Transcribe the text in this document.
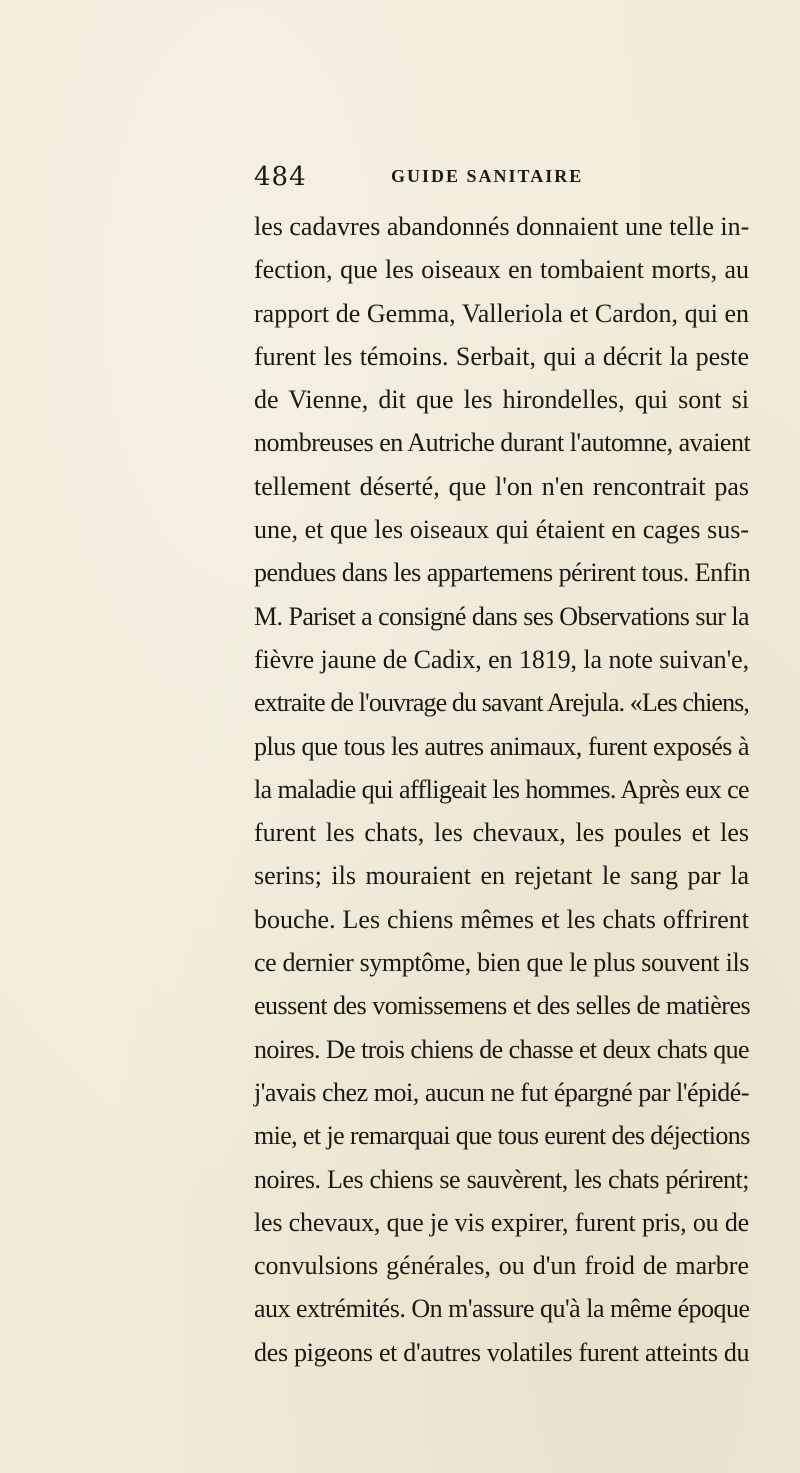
484	GUIDE SANITAIRE
les cadavres abandonnés donnaient une telle in-
fection, que les oiseaux en tombaient morts, au
rapport de Gemma, Valleriola et Cardon, qui en
furent les témoins. Serbait, qui a décrit la peste
de Vienne, dit que les hirondelles, qui sont si
nombreuses en Autriche durant l'automne, avaient
tellement déserté, que l'on n'en rencontrait pas
une, et que les oiseaux qui étaient en cages sus-
pendues dans les appartemens périrent tous. Enfin
M. Pariset a consigné dans ses Observations sur la
fièvre jaune de Cadix, en 1819, la note suivan'e,
extraite de l'ouvrage du savant Arejula. «Les chiens,
plus que tous les autres animaux, furent exposés à
la maladie qui affligeait les hommes. Après eux ce
furent les chats, les chevaux, les poules et les
serins; ils mouraient en rejetant le sang par la
bouche. Les chiens mêmes et les chats offrirent
ce dernier symptôme, bien que le plus souvent ils
eussent des vomissemens et des selles de matières
noires. De trois chiens de chasse et deux chats que
j'avais chez moi, aucun ne fut épargné par l'épidé-
mie, et je remarquai que tous eurent des déjections
noires. Les chiens se sauvèrent, les chats périrent;
les chevaux, que je vis expirer, furent pris, ou de
convulsions générales, ou d'un froid de marbre
aux extrémités. On m'assure qu'à la même époque
des pigeons et d'autres volatiles furent atteints du
